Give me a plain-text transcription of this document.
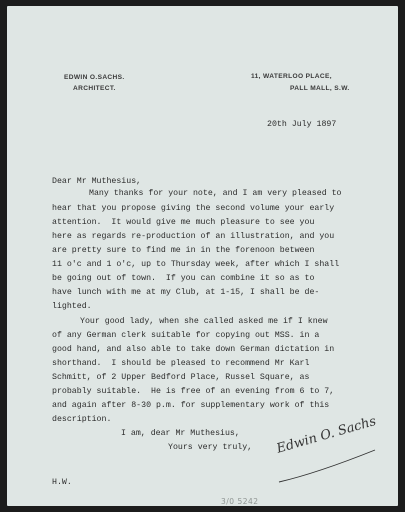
EDWIN O.SACHS.
ARCHITECT.
11, WATERLOO PLACE,
PALL MALL, S.W.
20th July 1897
Dear Mr Muthesius,
Many thanks for your note, and I am very pleased to
hear that you propose giving the second volume your early
attention.  It would give me much pleasure to see you
here as regards re-production of an illustration, and you
are pretty sure to find me in in the forenoon between
11 o'c and 1 o'c, up to Thursday week, after which I shall
be going out of town.  If you can combine it so as to
have lunch with me at my Club, at 1-15, I shall be de-
lighted.
Your good lady, when she called asked me if I knew
of any German clerk suitable for copying out MSS. in a
good hand, and also able to take down German dictation in
shorthand.  I should be pleased to recommend Mr Karl
Schmitt, of 2 Upper Bedford Place, Russel Square, as
probably suitable.  He is free of an evening from 6 to 7,
and again after 8-30 p.m. for supplementary work of this
description.
I am, dear Mr Muthesius,
Yours very truly,
H.W.
Edwin O. Sachs
3/0 5242
